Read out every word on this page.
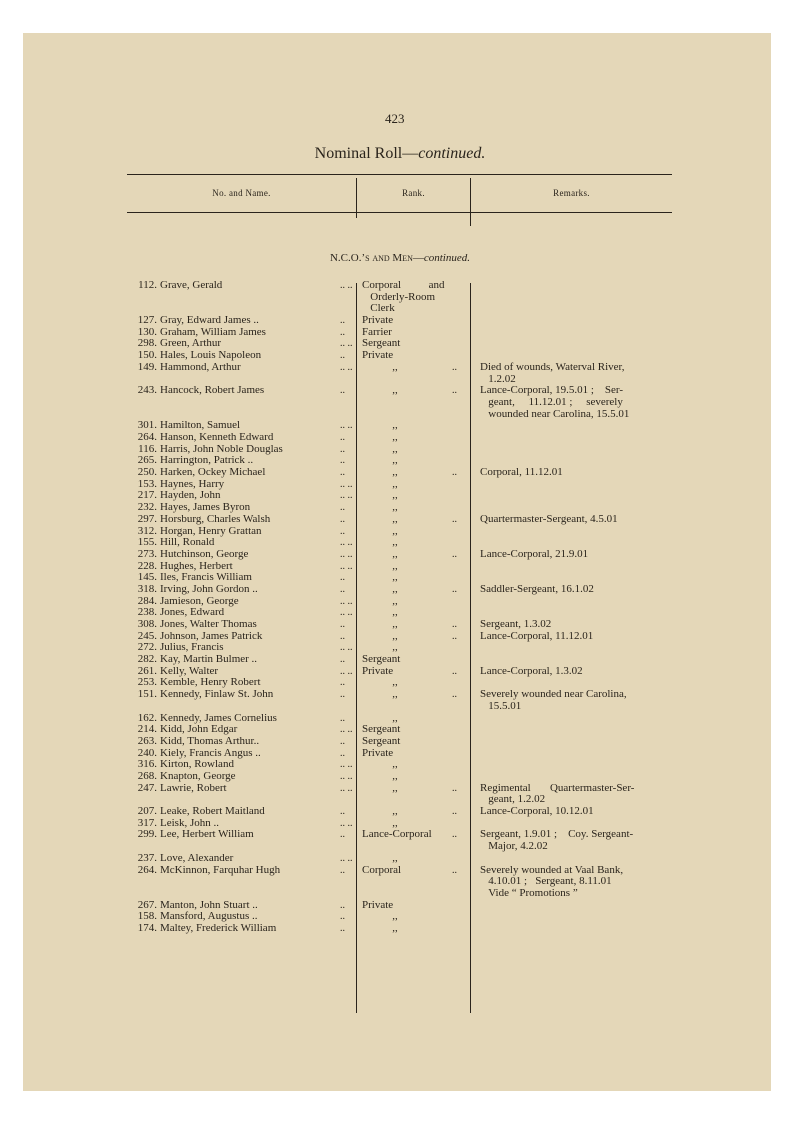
423
Nominal Roll—continued.
No. and Name.	Rank.	Remarks.
N.C.O.’s and Men—continued.
112. Grave, Gerald	.. .. Corporal          and
Orderly-Room
Clerk
127. Gray, Edward James ..	.. Private
130. Graham, William James	.. Farrier
298. Green, Arthur	.. .. Sergeant
150. Hales, Louis Napoleon	.. Private
149. Hammond, Arthur	.. .. ,,	.. Died of wounds, Waterval River,
1.2.02
243. Hancock, Robert James	.. ,,	.. Lance-Corporal, 19.5.01 ;    Ser-
geant,     11.12.01 ;     severely
wounded near Carolina, 15.5.01
301. Hamilton, Samuel	.. .. ,,
264. Hanson, Kenneth Edward	.. ,,
116. Harris, John Noble Douglas	.. ,,
265. Harrington, Patrick ..	.. ,,
250. Harken, Ockey Michael	.. ,,	.. Corporal, 11.12.01
153. Haynes, Harry	.. .. ,,
217. Hayden, John	.. .. ,,
232. Hayes, James Byron	.. ,,
297. Horsburg, Charles Walsh	.. ,,	.. Quartermaster-Sergeant, 4.5.01
312. Horgan, Henry Grattan	.. ,,
155. Hill, Ronald	.. .. ,,
273. Hutchinson, George	.. .. ,,	.. Lance-Corporal, 21.9.01
228. Hughes, Herbert	.. .. ,,
145. Iles, Francis William	.. ,,
318. Irving, John Gordon ..	.. ,,	.. Saddler-Sergeant, 16.1.02
284. Jamieson, George	.. .. ,,
238. Jones, Edward	.. .. ,,
308. Jones, Walter Thomas	.. ,,	.. Sergeant, 1.3.02
245. Johnson, James Patrick	.. ,,	.. Lance-Corporal, 11.12.01
272. Julius, Francis	.. .. ,,
282. Kay, Martin Bulmer ..	.. Sergeant
261. Kelly, Walter	.. .. Private	.. Lance-Corporal, 1.3.02
253. Kemble, Henry Robert	.. ,,
151. Kennedy, Finlaw St. John	.. ,,	.. Severely wounded near Carolina,
15.5.01
162. Kennedy, James Cornelius	.. ,,
214. Kidd, John Edgar	.. .. Sergeant
263. Kidd, Thomas Arthur..	.. Sergeant
240. Kiely, Francis Angus ..	.. Private
316. Kirton, Rowland	.. .. ,,
268. Knapton, George	.. .. ,,
247. Lawrie, Robert	.. .. ,,	.. Regimental       Quartermaster-Ser-
geant, 1.2.02
207. Leake, Robert Maitland	.. ,,	.. Lance-Corporal, 10.12.01
317. Leisk, John ..	.. .. ,,
299. Lee, Herbert William	.. Lance-Corporal	.. Sergeant, 1.9.01 ;    Coy. Sergeant-
Major, 4.2.02
237. Love, Alexander	.. .. ,,
264. McKinnon, Farquhar Hugh	.. Corporal	.. Severely wounded at Vaal Bank,
4.10.01 ;   Sergeant, 8.11.01
Vide “ Promotions ”
267. Manton, John Stuart ..	.. Private
158. Mansford, Augustus ..	.. ,,
174. Maltey, Frederick William	.. ,,
